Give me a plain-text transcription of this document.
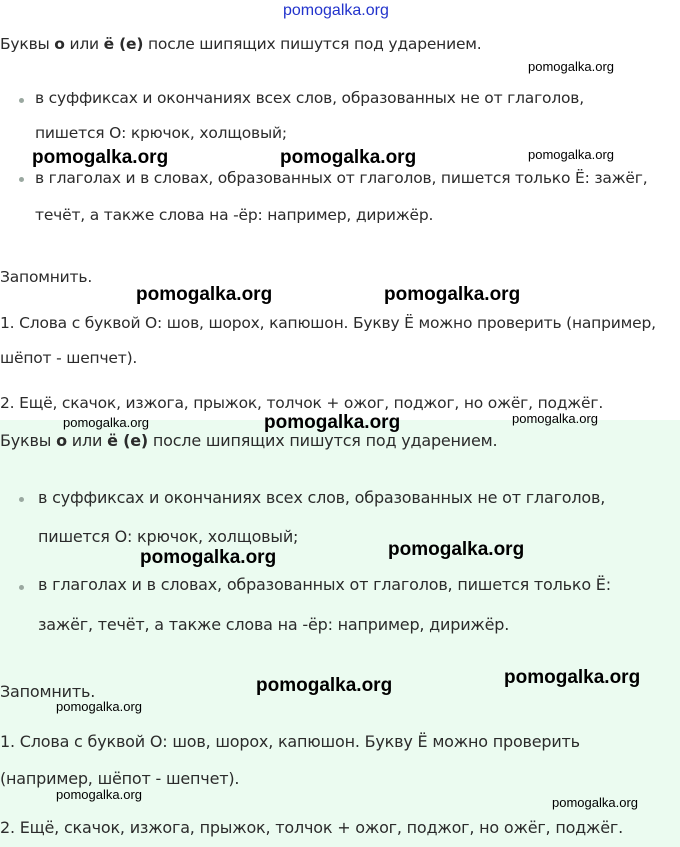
Буквы о или ё (е) после шипящих пишутся под ударением.
в суффиксах и окончаниях всех слов, образованных не от глаголов,
пишется О: крючок, холщовый;
в глаголах и в словах, образованных от глаголов, пишется только Ё: зажёг,
течёт, а также слова на -ёр: например, дирижёр.
Запомнить.
1. Слова с буквой О: шов, шорох, капюшон. Букву Ё можно проверить (например,
шёпот - шепчет).
2. Ещё, скачок, изжога, прыжок, толчок + ожог, поджог, но ожёг, поджёг.
Буквы о или ё (е) после шипящих пишутся под ударением.
в суффиксах и окончаниях всех слов, образованных не от глаголов,
пишется О: крючок, холщовый;
в глаголах и в словах, образованных от глаголов, пишется только Ё:
зажёг, течёт, а также слова на -ёр: например, дирижёр.
Запомнить.
1. Слова с буквой О: шов, шорох, капюшон. Букву Ё можно проверить
(например, шёпот - шепчет).
2. Ещё, скачок, изжога, прыжок, толчок + ожог, поджог, но ожёг, поджёг.
pomogalka.org
pomogalka.org
pomogalka.org	pomogalka.org	pomogalka.org
pomogalka.org	pomogalka.org
pomogalka.org	pomogalka.org	pomogalka.org
pomogalka.org	pomogalka.org
pomogalka.org	pomogalka.org
pomogalka.org
pomogalka.org
pomogalka.org
